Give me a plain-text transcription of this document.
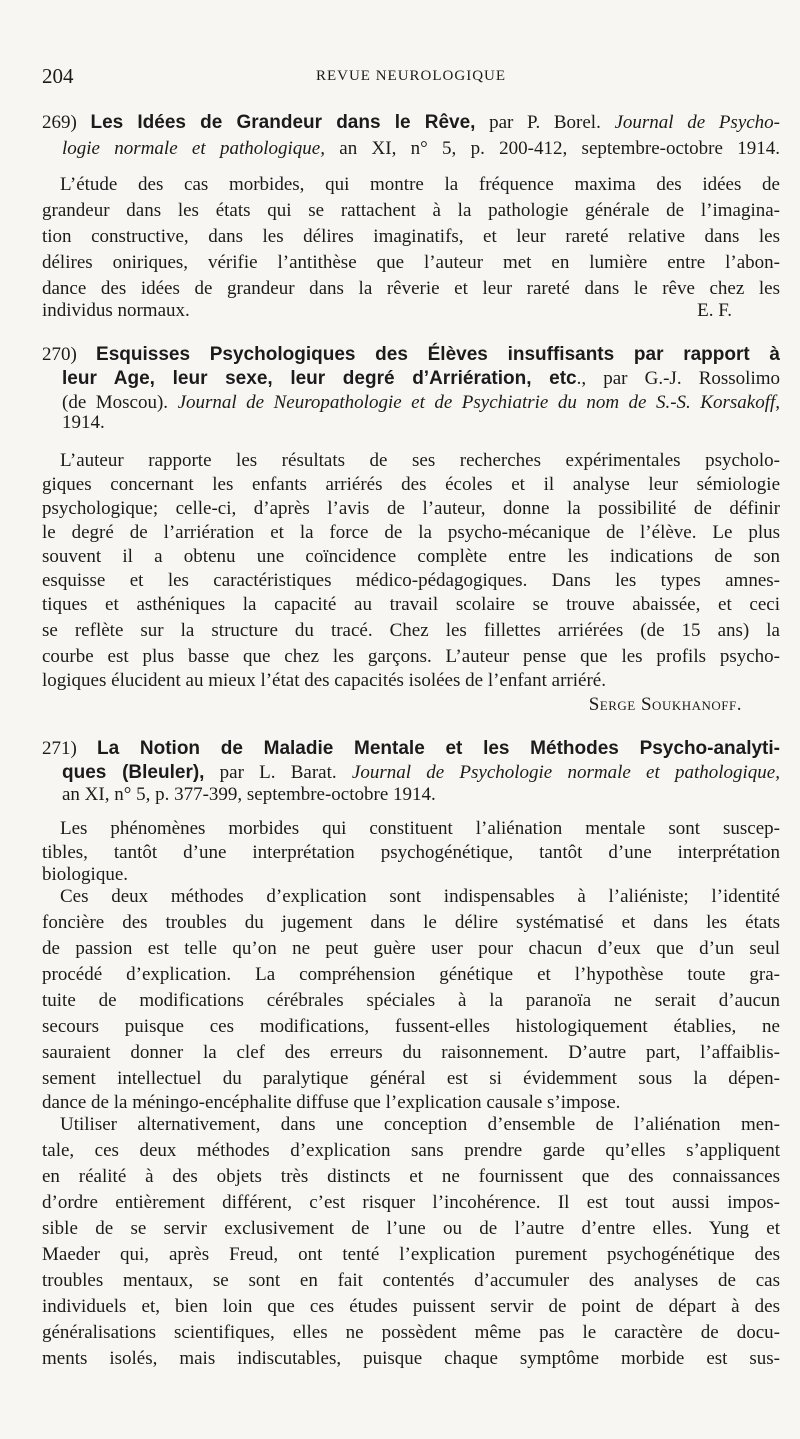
204	REVUE NEUROLOGIQUE
269) Les Idées de Grandeur dans le Rêve, par P. Borel. Journal de Psycho-
logie normale et pathologique, an XI, n° 5, p. 200-412, septembre-octobre 1914.
L’étude des cas morbides, qui montre la fréquence maxima des idées de
grandeur dans les états qui se rattachent à la pathologie générale de l’imagina-
tion constructive, dans les délires imaginatifs, et leur rareté relative dans les
délires oniriques, vérifie l’antithèse que l’auteur met en lumière entre l’abon-
dance des idées de grandeur dans la rêverie et leur rareté dans le rêve chez les
individus normaux.	E. F.
270) Esquisses Psychologiques des Élèves insuffisants par rapport à
leur Age, leur sexe, leur degré d’Arriération, etc., par G.-J. Rossolimo
(de Moscou). Journal de Neuropathologie et de Psychiatrie du nom de S.-S. Korsakoff,
1914.
L’auteur rapporte les résultats de ses recherches expérimentales psycholo-
giques concernant les enfants arriérés des écoles et il analyse leur sémiologie
psychologique; celle-ci, d’après l’avis de l’auteur, donne la possibilité de définir
le degré de l’arriération et la force de la psycho-mécanique de l’élève. Le plus
souvent il a obtenu une coïncidence complète entre les indications de son
esquisse et les caractéristiques médico-pédagogiques. Dans les types amnes-
tiques et asthéniques la capacité au travail scolaire se trouve abaissée, et ceci
se reflète sur la structure du tracé. Chez les fillettes arriérées (de 15 ans) la
courbe est plus basse que chez les garçons. L’auteur pense que les profils psycho-
logiques élucident au mieux l’état des capacités isolées de l’enfant arriéré.
Serge Soukhanoff.
271) La Notion de Maladie Mentale et les Méthodes Psycho-analyti-
ques (Bleuler), par L. Barat. Journal de Psychologie normale et pathologique,
an XI, n° 5, p. 377-399, septembre-octobre 1914.
Les phénomènes morbides qui constituent l’aliénation mentale sont suscep-
tibles, tantôt d’une interprétation psychogénétique, tantôt d’une interprétation
biologique.
Ces deux méthodes d’explication sont indispensables à l’aliéniste; l’identité
foncière des troubles du jugement dans le délire systématisé et dans les états
de passion est telle qu’on ne peut guère user pour chacun d’eux que d’un seul
procédé d’explication. La compréhension génétique et l’hypothèse toute gra-
tuite de modifications cérébrales spéciales à la paranoïa ne serait d’aucun
secours puisque ces modifications, fussent-elles histologiquement établies, ne
sauraient donner la clef des erreurs du raisonnement. D’autre part, l’affaiblis-
sement intellectuel du paralytique général est si évidemment sous la dépen-
dance de la méningo-encéphalite diffuse que l’explication causale s’impose.
Utiliser alternativement, dans une conception d’ensemble de l’aliénation men-
tale, ces deux méthodes d’explication sans prendre garde qu’elles s’appliquent
en réalité à des objets très distincts et ne fournissent que des connaissances
d’ordre entièrement différent, c’est risquer l’incohérence. Il est tout aussi impos-
sible de se servir exclusivement de l’une ou de l’autre d’entre elles. Yung et
Maeder qui, après Freud, ont tenté l’explication purement psychogénétique des
troubles mentaux, se sont en fait contentés d’accumuler des analyses de cas
individuels et, bien loin que ces études puissent servir de point de départ à des
généralisations scientifiques, elles ne possèdent même pas le caractère de docu-
ments isolés, mais indiscutables, puisque chaque symptôme morbide est sus-
